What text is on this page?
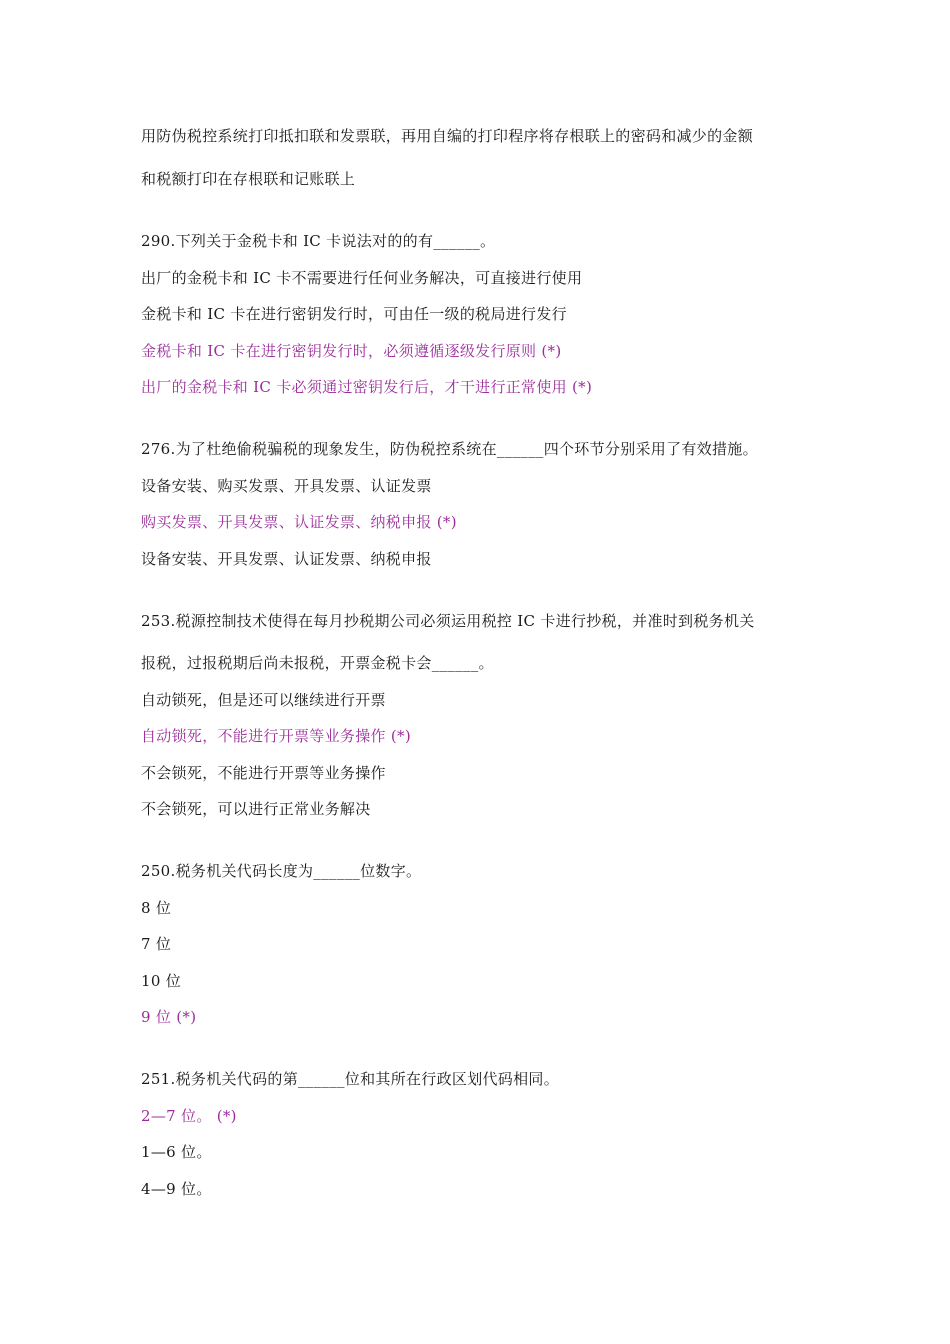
用防伪税控系统打印抵扣联和发票联，再用自编的打印程序将存根联上的密码和减少的金额
和税额打印在存根联和记账联上
290.下列关于金税卡和 IC 卡说法对的的有______。
出厂的金税卡和 IC 卡不需要进行任何业务解决，可直接进行使用
金税卡和 IC 卡在进行密钥发行时，可由任一级的税局进行发行
金税卡和 IC 卡在进行密钥发行时，必须遵循逐级发行原则 (*)
出厂的金税卡和 IC 卡必须通过密钥发行后，才干进行正常使用 (*)
276.为了杜绝偷税骗税的现象发生，防伪税控系统在______四个环节分别采用了有效措施。
设备安装、购买发票、开具发票、认证发票
购买发票、开具发票、认证发票、纳税申报 (*)
设备安装、开具发票、认证发票、纳税申报
253.税源控制技术使得在每月抄税期公司必须运用税控 IC 卡进行抄税，并准时到税务机关
报税，过报税期后尚未报税，开票金税卡会______。
自动锁死，但是还可以继续进行开票
自动锁死，不能进行开票等业务操作 (*)
不会锁死，不能进行开票等业务操作
不会锁死，可以进行正常业务解决
250.税务机关代码长度为______位数字。
8 位
7 位
10 位
9 位 (*)
251.税务机关代码的第______位和其所在行政区划代码相同。
2—7 位。 (*)
1—6 位。
4—9 位。
